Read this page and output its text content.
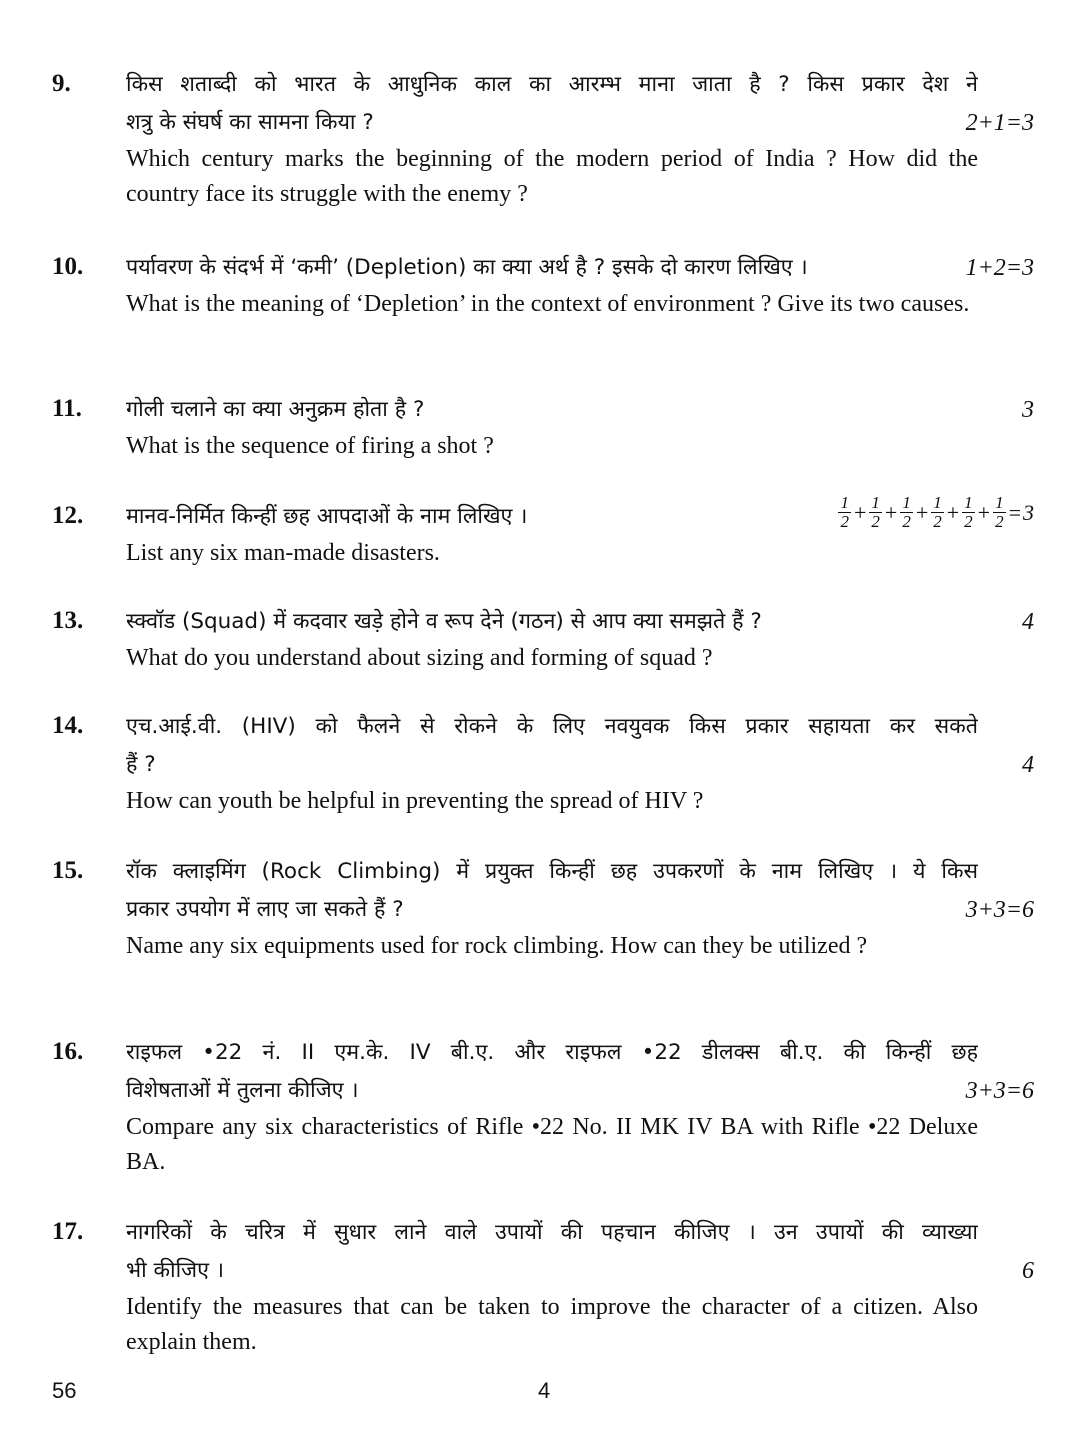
9.	किस शताब्दी को भारत के आधुनिक काल का आरम्भ माना जाता है ? किस प्रकार देश ने
शत्रु के संघर्ष का सामना किया ?	2+1=3
Which century marks the beginning of the modern period of India ? How did the country face its struggle with the enemy ?
10. पर्यावरण के संदर्भ में ‘कमी’ (Depletion) का क्या अर्थ है ? इसके दो कारण लिखिए ।	1+2=3
What is the meaning of ‘Depletion’ in the context of environment ? Give its two causes.
11. गोली चलाने का क्या अनुक्रम होता है ?	3
What is the sequence of firing a shot ?
12. मानव-निर्मित किन्हीं छह आपदाओं के नाम लिखिए ।	$\frac{1}{2} + \frac{1}{2} + \frac{1}{2} + \frac{1}{2} + \frac{1}{2} + \frac{1}{2} = 3$
List any six man-made disasters.
13. स्क्वॉड (Squad) में कदवार खड़े होने व रूप देने (गठन) से आप क्या समझते हैं ?	4
What do you understand about sizing and forming of squad ?
14. एच.आई.वी. (HIV) को फैलने से रोकने के लिए नवयुवक किस प्रकार सहायता कर सकते
हैं ?	4
How can youth be helpful in preventing the spread of HIV ?
15. रॉक क्लाइमिंग (Rock Climbing) में प्रयुक्त किन्हीं छह उपकरणों के नाम लिखिए । ये किस
प्रकार उपयोग में लाए जा सकते हैं ?	3+3=6
Name any six equipments used for rock climbing. How can they be utilized ?
16. राइफल •22 नं. II एम.के. IV बी.ए. और राइफल •22 डीलक्स बी.ए. की किन्हीं छह
विशेषताओं में तुलना कीजिए ।	3+3=6
Compare any six characteristics of Rifle •22 No. II MK IV BA with Rifle •22 Deluxe BA.
17. नागरिकों के चरित्र में सुधार लाने वाले उपायों की पहचान कीजिए । उन उपायों की व्याख्या
भी कीजिए ।	6
Identify the measures that can be taken to improve the character of a citizen. Also explain them.
56	4
